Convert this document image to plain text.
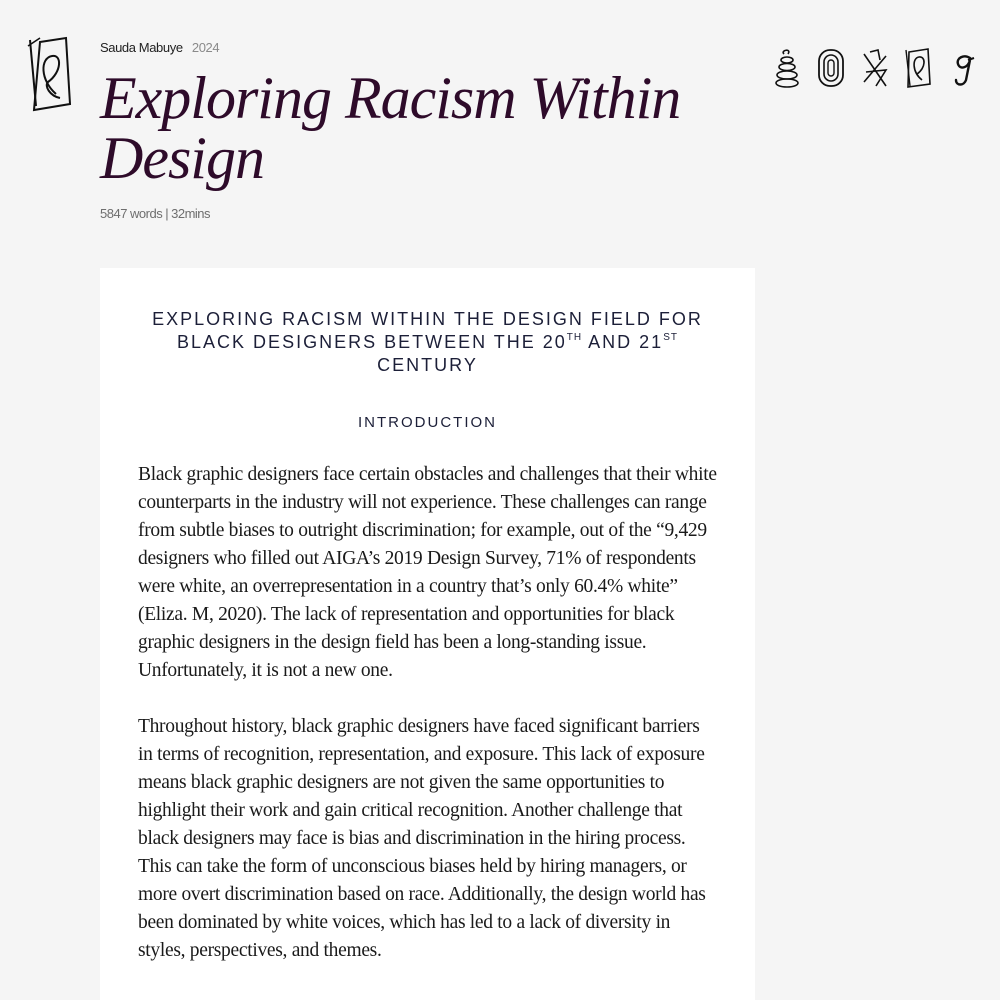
Sauda Mabuye 2024
Exploring Racism Within Design
5847 words | 32mins
EXPLORING RACISM WITHIN THE DESIGN FIELD FOR BLACK DESIGNERS BETWEEN THE 20TH AND 21ST CENTURY
INTRODUCTION

Black graphic designers face certain obstacles and challenges that their white counterparts in the industry will not experience. These challenges can range from subtle biases to outright discrimination; for example, out of the “9,429 designers who filled out AIGA’s 2019 Design Survey, 71% of respondents were white, an overrepresentation in a country that’s only 60.4% white” (Eliza. M, 2020). The lack of representation and opportunities for black graphic designers in the design field has been a long-standing issue. Unfortunately, it is not a new one.

Throughout history, black graphic designers have faced significant barriers in terms of recognition, representation, and exposure. This lack of exposure means black graphic designers are not given the same opportunities to highlight their work and gain critical recognition. Another challenge that black designers may face is bias and discrimination in the hiring process. This can take the form of unconscious biases held by hiring managers, or more overt discrimination based on race. Additionally, the design world has been dominated by white voices, which has led to a lack of diversity in styles, perspectives, and themes.
